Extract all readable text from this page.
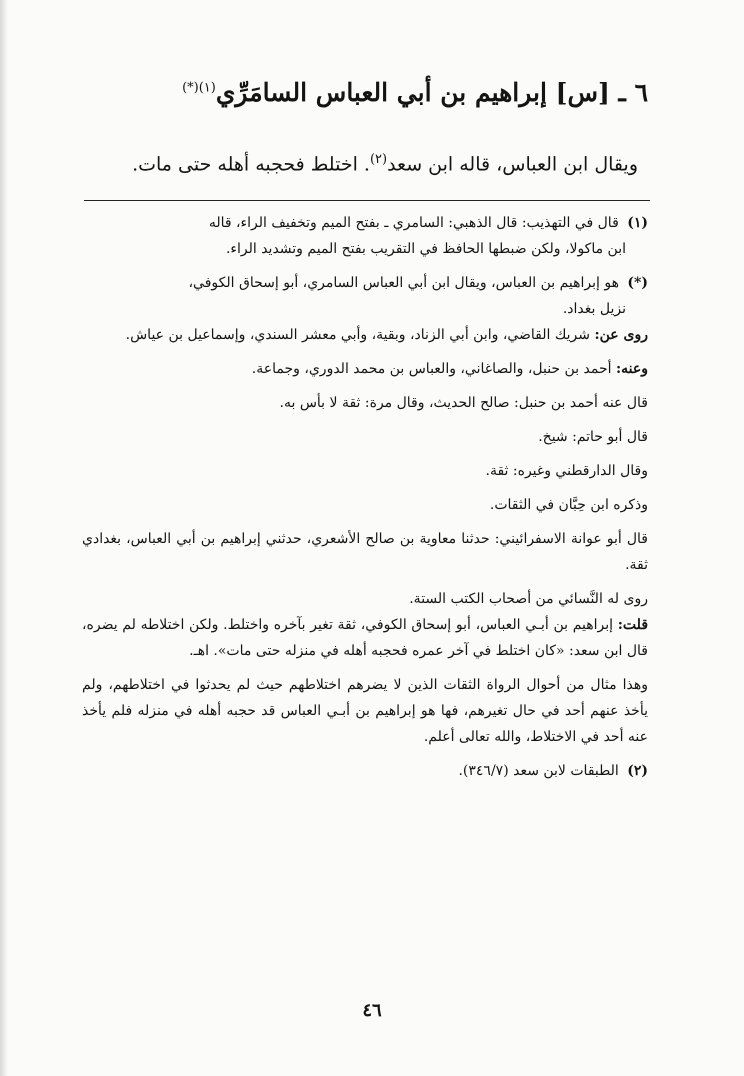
٦ ـ [س] إبراهيم بن أبي العباس السامَرِّي$^{(١)(*)}$
ويقال ابن العباس، قاله ابن سعد$^{(٢)}$. اختلط فحجبه أهله حتى مات.
(١) قال في التهذيب: قال الذهبي: السامري ـ بفتح الميم وتخفيف الراء، قاله
ابن ماكولا، ولكن ضبطها الحافظ في التقريب بفتح الميم وتشديد الراء.
(*) هو إبراهيم بن العباس، ويقال ابن أبي العباس السامري، أبو إسحاق الكوفي،
نزيل بغداد.
روى عن: شريك القاضي، وابن أبي الزناد، وبقية، وأبي معشر السندي، وإسماعيل بن عياش.
وعنه: أحمد بن حنبل، والصاغاني، والعباس بن محمد الدوري، وجماعة.
قال عنه أحمد بن حنبل: صالح الحديث، وقال مرة: ثقة لا بأس به.
قال أبو حاتم: شيخ.
وقال الدارقطني وغيره: ثقة.
وذكره ابن حِبَّان في الثقات.
قال أبو عوانة الاسفرائيني: حدثنا معاوية بن صالح الأشعري، حدثني إبراهيم بن أبي العباس، بغدادي ثقة.
روى له النَّسائي من أصحاب الكتب الستة.
قلت: إبراهيم بن أبـي العباس، أبو إسحاق الكوفي، ثقة تغير بآخره واختلط. ولكن اختلاطه لم يضره، قال ابن سعد: «كان اختلط في آخر عمره فحجبه أهله في منزله حتى مات». اهـ.
وهذا مثال من أحوال الرواة الثقات الذين لا يضرهم اختلاطهم حيث لم يحدثوا في اختلاطهم، ولم يأخذ عنهم أحد في حال تغيرهم، فها هو إبراهيم بن أبـي العباس قد حجبه أهله في منزله فلم يأخذ عنه أحد في الاختلاط، والله تعالى أعلم.
(٢) الطبقات لابن سعد (٣٤٦/٧).
٤٦
